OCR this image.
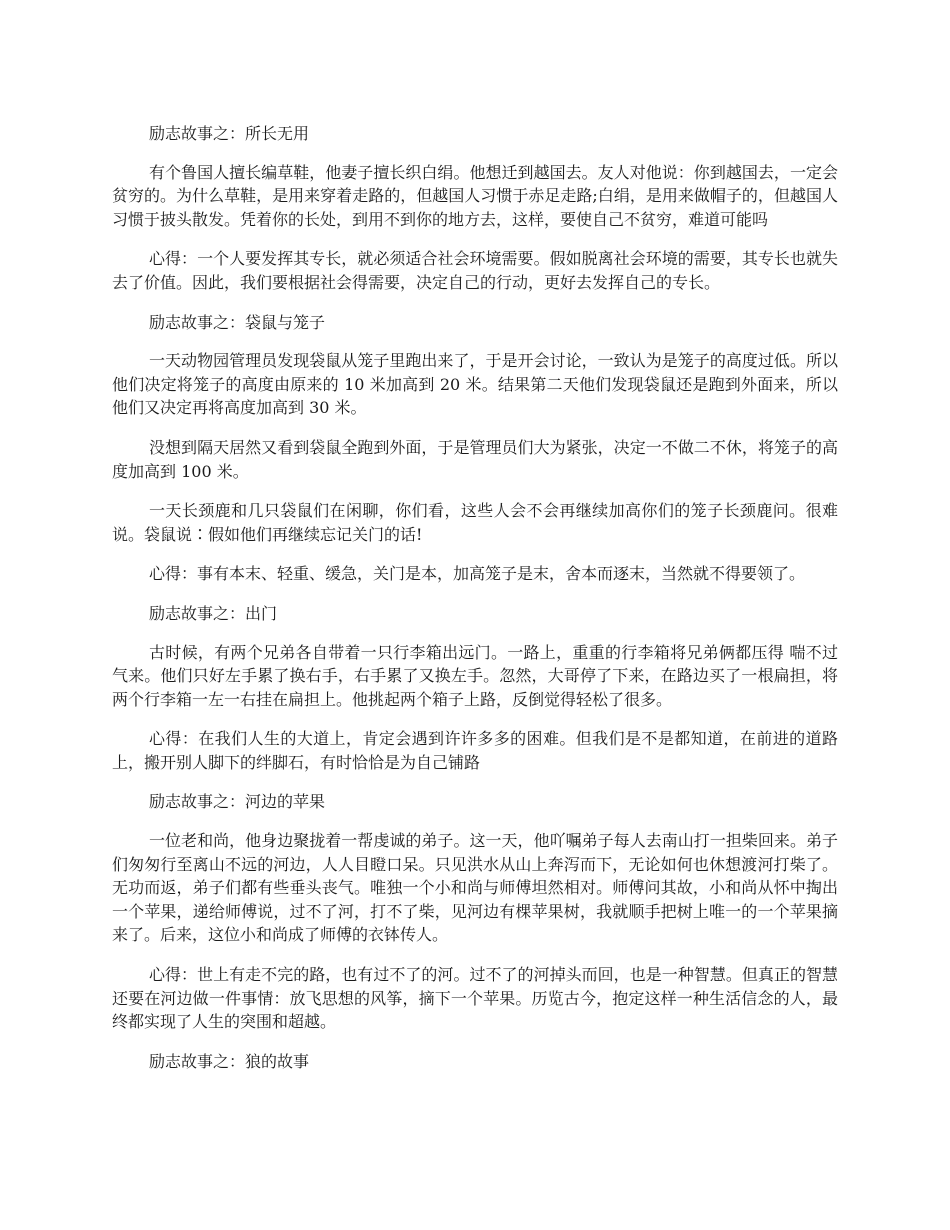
励志故事之：所长无用

有个鲁国人擅长编草鞋，他妻子擅长织白绢。他想迁到越国去。友人对他说：你到越国去，一定会贫穷的。为什么草鞋，是用来穿着走路的，但越国人习惯于赤足走路;白绢，是用来做帽子的，但越国人习惯于披头散发。凭着你的长处，到用不到你的地方去，这样，要使自己不贫穷，难道可能吗

心得：一个人要发挥其专长，就必须适合社会环境需要。假如脱离社会环境的需要，其专长也就失去了价值。因此，我们要根据社会得需要，决定自己的行动，更好去发挥自己的专长。

励志故事之：袋鼠与笼子

一天动物园管理员发现袋鼠从笼子里跑出来了，于是开会讨论，一致认为是笼子的高度过低。所以他们决定将笼子的高度由原来的 10 米加高到 20 米。结果第二天他们发现袋鼠还是跑到外面来，所以他们又决定再将高度加高到 30 米。

没想到隔天居然又看到袋鼠全跑到外面，于是管理员们大为紧张，决定一不做二不休，将笼子的高度加高到 100 米。

一天长颈鹿和几只袋鼠们在闲聊，你们看，这些人会不会再继续加高你们的笼子长颈鹿问。很难说。袋鼠说∶假如他们再继续忘记关门的话!

心得：事有本末、轻重、缓急，关门是本，加高笼子是末，舍本而逐末，当然就不得要领了。

励志故事之：出门

古时候，有两个兄弟各自带着一只行李箱出远门。一路上，重重的行李箱将兄弟俩都压得 喘不过气来。他们只好左手累了换右手，右手累了又换左手。忽然，大哥停了下来，在路边买了一根扁担，将两个行李箱一左一右挂在扁担上。他挑起两个箱子上路，反倒觉得轻松了很多。

心得：在我们人生的大道上，肯定会遇到许许多多的困难。但我们是不是都知道，在前进的道路上，搬开别人脚下的绊脚石，有时恰恰是为自己铺路

励志故事之：河边的苹果

一位老和尚，他身边聚拢着一帮虔诚的弟子。这一天，他吖嘱弟子每人去南山打一担柴回来。弟子们匆匆行至离山不远的河边，人人目瞪口呆。只见洪水从山上奔泻而下，无论如何也休想渡河打柴了。无功而返，弟子们都有些垂头丧气。唯独一个小和尚与师傅坦然相对。师傅问其故，小和尚从怀中掏出一个苹果，递给师傅说，过不了河，打不了柴，见河边有棵苹果树，我就顺手把树上唯一的一个苹果摘来了。后来，这位小和尚成了师傅的衣钵传人。

心得：世上有走不完的路，也有过不了的河。过不了的河掉头而回，也是一种智慧。但真正的智慧还要在河边做一件事情：放飞思想的风筝，摘下一个苹果。历览古今，抱定这样一种生活信念的人，最终都实现了人生的突围和超越。

励志故事之：狼的故事
